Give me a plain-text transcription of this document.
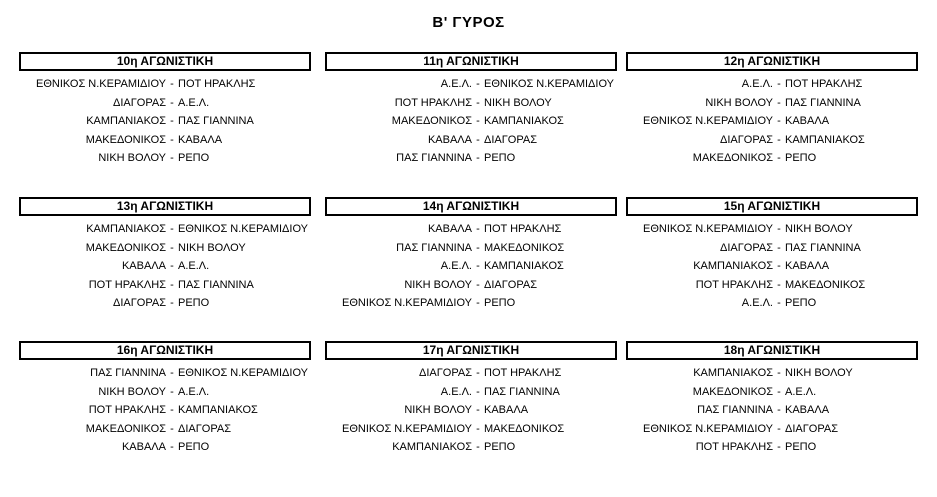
Β' ΓΥΡΟΣ
10η ΑΓΩΝΙΣΤΙΚΗ
ΕΘΝΙΚΟΣ Ν.ΚΕΡΑΜΙΔΙΟΥ - ΠΟΤ ΗΡΑΚΛΗΣ
ΔΙΑΓΟΡΑΣ - Α.Ε.Λ.
ΚΑΜΠΑΝΙΑΚΟΣ - ΠΑΣ ΓΙΑΝΝΙΝΑ
ΜΑΚΕΔΟΝΙΚΟΣ - ΚΑΒΑΛΑ
ΝΙΚΗ ΒΟΛΟΥ - ΡΕΠΟ
11η ΑΓΩΝΙΣΤΙΚΗ
Α.Ε.Λ. - ΕΘΝΙΚΟΣ Ν.ΚΕΡΑΜΙΔΙΟΥ
ΠΟΤ ΗΡΑΚΛΗΣ - ΝΙΚΗ ΒΟΛΟΥ
ΜΑΚΕΔΟΝΙΚΟΣ - ΚΑΜΠΑΝΙΑΚΟΣ
ΚΑΒΑΛΑ - ΔΙΑΓΟΡΑΣ
ΠΑΣ ΓΙΑΝΝΙΝΑ - ΡΕΠΟ
12η ΑΓΩΝΙΣΤΙΚΗ
Α.Ε.Λ. - ΠΟΤ ΗΡΑΚΛΗΣ
ΝΙΚΗ ΒΟΛΟΥ - ΠΑΣ ΓΙΑΝΝΙΝΑ
ΕΘΝΙΚΟΣ Ν.ΚΕΡΑΜΙΔΙΟΥ - ΚΑΒΑΛΑ
ΔΙΑΓΟΡΑΣ - ΚΑΜΠΑΝΙΑΚΟΣ
ΜΑΚΕΔΟΝΙΚΟΣ - ΡΕΠΟ
13η ΑΓΩΝΙΣΤΙΚΗ
ΚΑΜΠΑΝΙΑΚΟΣ - ΕΘΝΙΚΟΣ Ν.ΚΕΡΑΜΙΔΙΟΥ
ΜΑΚΕΔΟΝΙΚΟΣ - ΝΙΚΗ ΒΟΛΟΥ
ΚΑΒΑΛΑ - Α.Ε.Λ.
ΠΟΤ ΗΡΑΚΛΗΣ - ΠΑΣ ΓΙΑΝΝΙΝΑ
ΔΙΑΓΟΡΑΣ - ΡΕΠΟ
14η ΑΓΩΝΙΣΤΙΚΗ
ΚΑΒΑΛΑ - ΠΟΤ ΗΡΑΚΛΗΣ
ΠΑΣ ΓΙΑΝΝΙΝΑ - ΜΑΚΕΔΟΝΙΚΟΣ
Α.Ε.Λ. - ΚΑΜΠΑΝΙΑΚΟΣ
ΝΙΚΗ ΒΟΛΟΥ - ΔΙΑΓΟΡΑΣ
ΕΘΝΙΚΟΣ Ν.ΚΕΡΑΜΙΔΙΟΥ - ΡΕΠΟ
15η ΑΓΩΝΙΣΤΙΚΗ
ΕΘΝΙΚΟΣ Ν.ΚΕΡΑΜΙΔΙΟΥ - ΝΙΚΗ ΒΟΛΟΥ
ΔΙΑΓΟΡΑΣ - ΠΑΣ ΓΙΑΝΝΙΝΑ
ΚΑΜΠΑΝΙΑΚΟΣ - ΚΑΒΑΛΑ
ΠΟΤ ΗΡΑΚΛΗΣ - ΜΑΚΕΔΟΝΙΚΟΣ
Α.Ε.Λ. - ΡΕΠΟ
16η ΑΓΩΝΙΣΤΙΚΗ
ΠΑΣ ΓΙΑΝΝΙΝΑ - ΕΘΝΙΚΟΣ Ν.ΚΕΡΑΜΙΔΙΟΥ
ΝΙΚΗ ΒΟΛΟΥ - Α.Ε.Λ.
ΠΟΤ ΗΡΑΚΛΗΣ - ΚΑΜΠΑΝΙΑΚΟΣ
ΜΑΚΕΔΟΝΙΚΟΣ - ΔΙΑΓΟΡΑΣ
ΚΑΒΑΛΑ - ΡΕΠΟ
17η ΑΓΩΝΙΣΤΙΚΗ
ΔΙΑΓΟΡΑΣ - ΠΟΤ ΗΡΑΚΛΗΣ
Α.Ε.Λ. - ΠΑΣ ΓΙΑΝΝΙΝΑ
ΝΙΚΗ ΒΟΛΟΥ - ΚΑΒΑΛΑ
ΕΘΝΙΚΟΣ Ν.ΚΕΡΑΜΙΔΙΟΥ - ΜΑΚΕΔΟΝΙΚΟΣ
ΚΑΜΠΑΝΙΑΚΟΣ - ΡΕΠΟ
18η ΑΓΩΝΙΣΤΙΚΗ
ΚΑΜΠΑΝΙΑΚΟΣ - ΝΙΚΗ ΒΟΛΟΥ
ΜΑΚΕΔΟΝΙΚΟΣ - Α.Ε.Λ.
ΠΑΣ ΓΙΑΝΝΙΝΑ - ΚΑΒΑΛΑ
ΕΘΝΙΚΟΣ Ν.ΚΕΡΑΜΙΔΙΟΥ - ΔΙΑΓΟΡΑΣ
ΠΟΤ ΗΡΑΚΛΗΣ - ΡΕΠΟ
